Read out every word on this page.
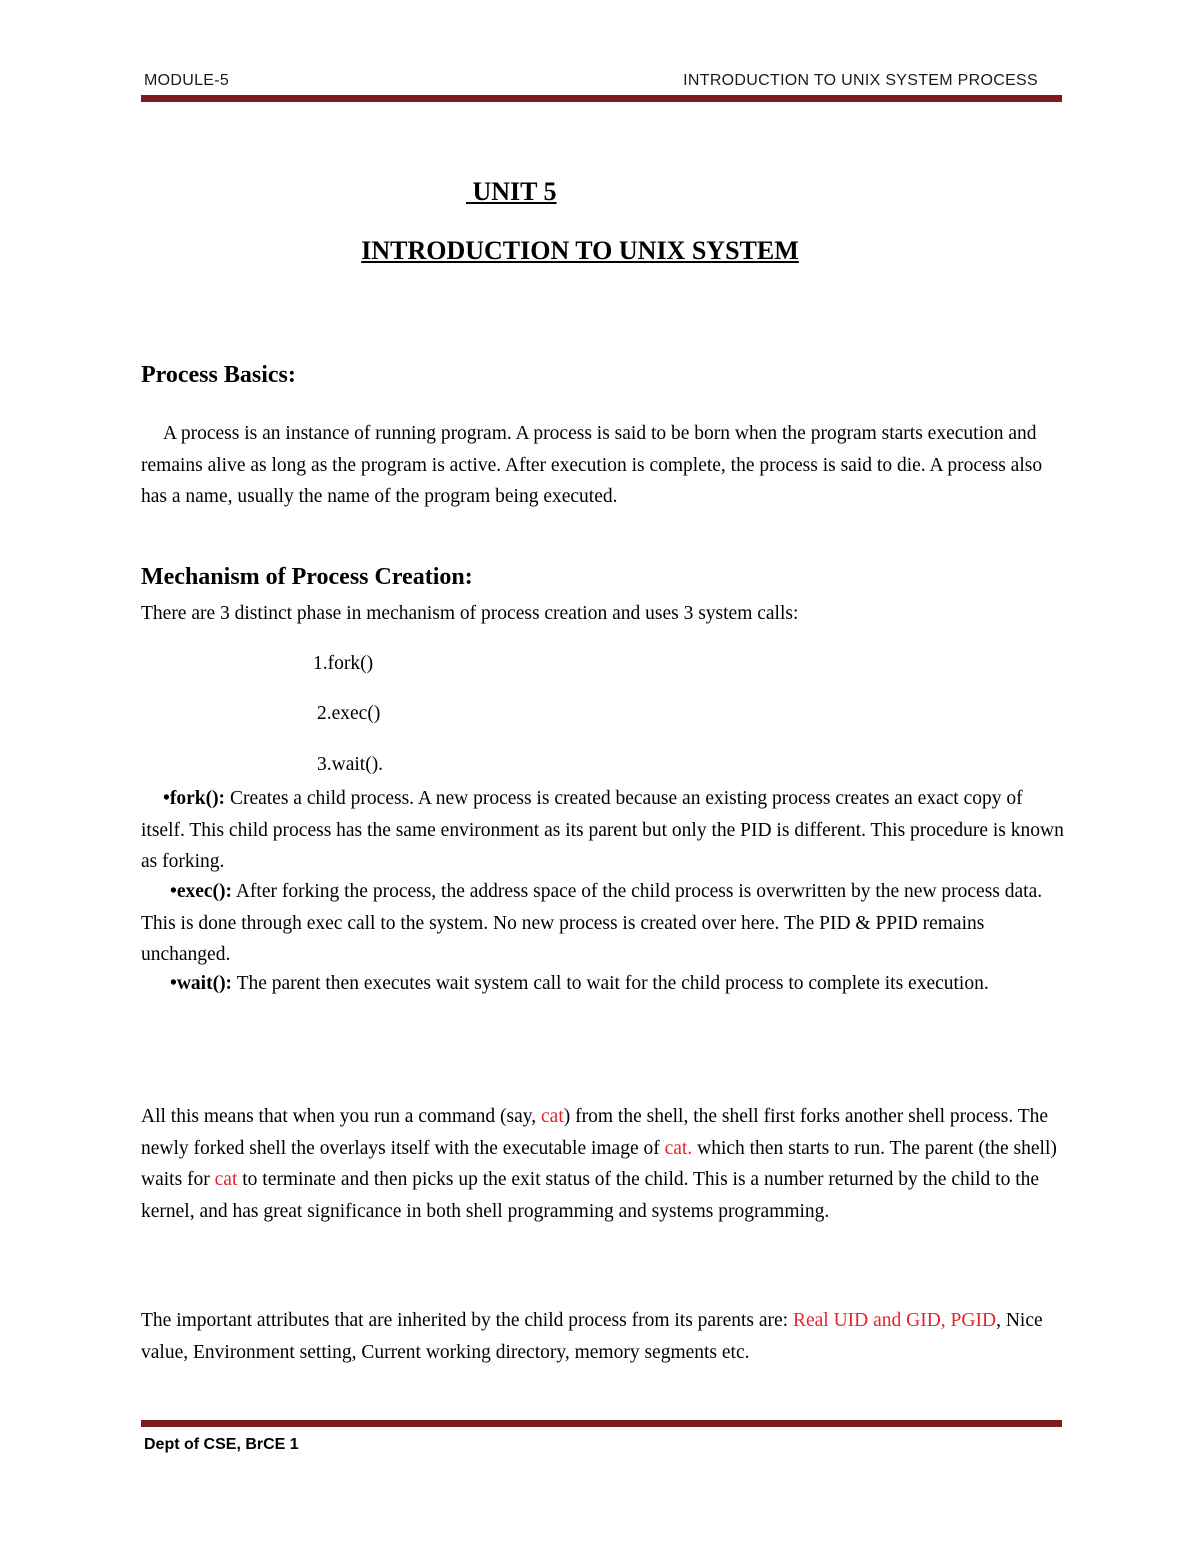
MODULE-5	INTRODUCTION TO UNIX SYSTEM PROCESS
UNIT 5
INTRODUCTION TO UNIX SYSTEM
Process Basics:
A process is an instance of running program. A process is said to be born when the program starts execution and remains alive as long as the program is active. After execution is complete, the process is said to die. A process also has a name, usually the name of the program being executed.
Mechanism of Process Creation:
There are 3 distinct phase in mechanism of process creation and uses 3 system calls:
1.fork()
2.exec()
3.wait().
•fork(): Creates a child process. A new process is created because an existing process creates an exact copy of itself. This child process has the same environment as its parent but only the PID is different. This procedure is known as forking.
•exec(): After forking the process, the address space of the child process is overwritten by the new process data. This is done through exec call to the system. No new process is created over here. The PID & PPID remains unchanged.
•wait(): The parent then executes wait system call to wait for the child process to complete its execution.
All this means that when you run a command (say, cat) from the shell, the shell first forks another shell process. The newly forked shell the overlays itself with the executable image of cat. which then starts to run. The parent (the shell) waits for cat to terminate and then picks up the exit status of the child. This is a number returned by the child to the kernel, and has great significance in both shell programming and systems programming.
The important attributes that are inherited by the child process from its parents are: Real UID and GID, PGID, Nice value, Environment setting, Current working directory, memory segments etc.
Dept of CSE, BrCE 1
